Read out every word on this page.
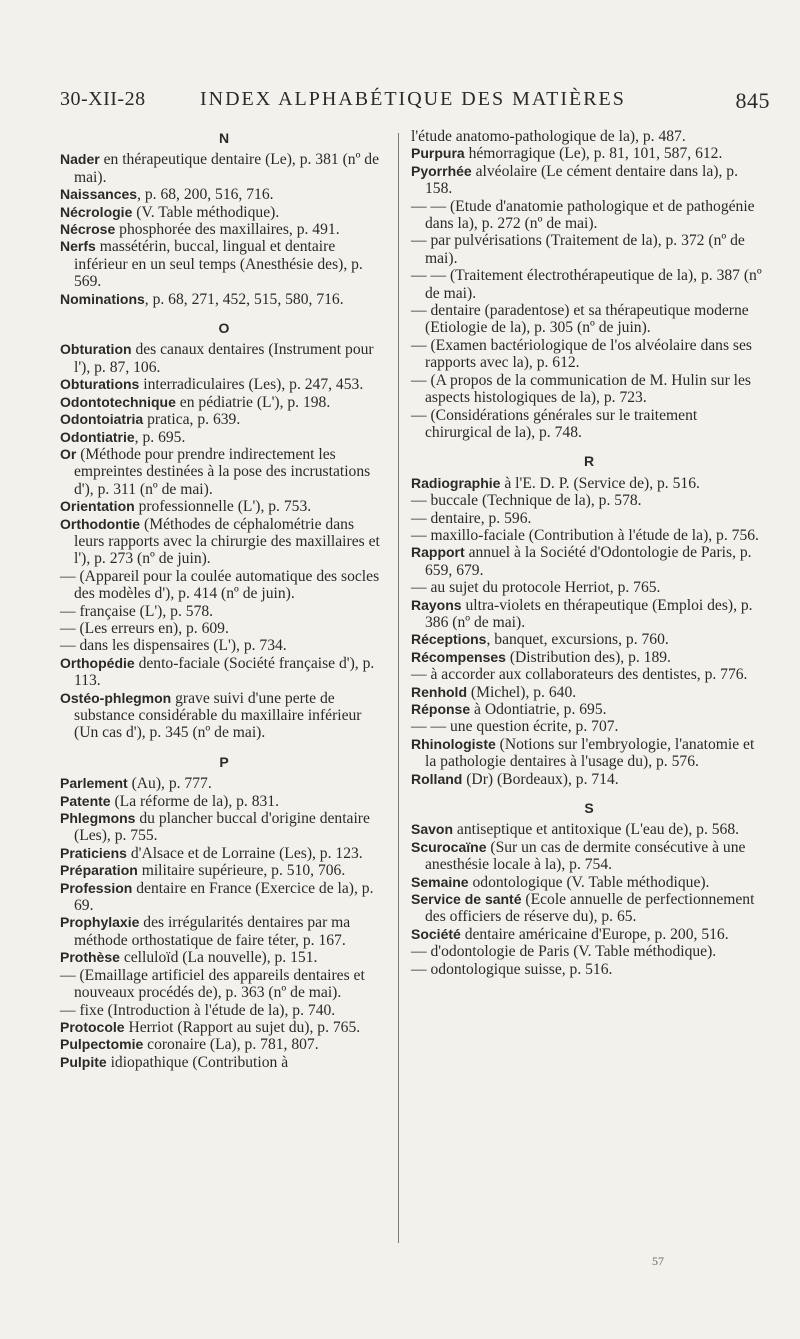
30-XII-28	INDEX ALPHABÉTIQUE DES MATIÈRES	845
N

Nader en thérapeutique dentaire (Le), p. 381 (nº de mai).

Naissances, p. 68, 200, 516, 716.

Nécrologie (V. Table méthodique).

Nécrose phosphorée des maxillaires, p. 491.

Nerfs massétérin, buccal, lingual et dentaire inférieur en un seul temps (Anesthésie des), p. 569.

Nominations, p. 68, 271, 452, 515, 580, 716.

O

Obturation des canaux dentaires (Instrument pour l'), p. 87, 106.

Obturations interradiculaires (Les), p. 247, 453.

Odontotechnique en pédiatrie (L'), p. 198.

Odontoiatria pratica, p. 639.

Odontiatrie, p. 695.

Or (Méthode pour prendre indirectement les empreintes destinées à la pose des incrustations d'), p. 311 (nº de mai).

Orientation professionnelle (L'), p. 753.

Orthodontie (Méthodes de céphalométrie dans leurs rapports avec la chirurgie des maxillaires et l'), p. 273 (nº de juin).

— (Appareil pour la coulée automatique des socles des modèles d'), p. 414 (nº de juin).

— française (L'), p. 578.

— (Les erreurs en), p. 609.

— dans les dispensaires (L'), p. 734.

Orthopédie dento-faciale (Société française d'), p. 113.

Ostéo-phlegmon grave suivi d'une perte de substance considérable du maxillaire inférieur (Un cas d'), p. 345 (nº de mai).

P

Parlement (Au), p. 777.

Patente (La réforme de la), p. 831.

Phlegmons du plancher buccal d'origine dentaire (Les), p. 755.

Praticiens d'Alsace et de Lorraine (Les), p. 123.

Préparation militaire supérieure, p. 510, 706.

Profession dentaire en France (Exercice de la), p. 69.

Prophylaxie des irrégularités dentaires par ma méthode orthostatique de faire téter, p. 167.

Prothèse celluloïd (La nouvelle), p. 151.

— (Emaillage artificiel des appareils dentaires et nouveaux procédés de), p. 363 (nº de mai).

— fixe (Introduction à l'étude de la), p. 740.

Protocole Herriot (Rapport au sujet du), p. 765.

Pulpectomie coronaire (La), p. 781, 807.

Pulpite idiopathique (Contribution à

l'étude anatomo-pathologique de la), p. 487.

Purpura hémorragique (Le), p. 81, 101, 587, 612.

Pyorrhée alvéolaire (Le cément dentaire dans la), p. 158.

— — (Etude d'anatomie pathologique et de pathogénie dans la), p. 272 (nº de mai).

— par pulvérisations (Traitement de la), p. 372 (nº de mai).

— — (Traitement électrothérapeutique de la), p. 387 (nº de mai).

— dentaire (paradentose) et sa thérapeutique moderne (Etiologie de la), p. 305 (nº de juin).

— (Examen bactériologique de l'os alvéolaire dans ses rapports avec la), p. 612.

— (A propos de la communication de M. Hulin sur les aspects histologiques de la), p. 723.

— (Considérations générales sur le traitement chirurgical de la), p. 748.

R

Radiographie à l'E. D. P. (Service de), p. 516.

— buccale (Technique de la), p. 578.

— dentaire, p. 596.

— maxillo-faciale (Contribution à l'étude de la), p. 756.

Rapport annuel à la Société d'Odontologie de Paris, p. 659, 679.

— au sujet du protocole Herriot, p. 765.

Rayons ultra-violets en thérapeutique (Emploi des), p. 386 (nº de mai).

Réceptions, banquet, excursions, p. 760.

Récompenses (Distribution des), p. 189.

— à accorder aux collaborateurs des dentistes, p. 776.

Renhold (Michel), p. 640.

Réponse à Odontiatrie, p. 695.

— — une question écrite, p. 707.

Rhinologiste (Notions sur l'embryologie, l'anatomie et la pathologie dentaires à l'usage du), p. 576.

Rolland (Dr) (Bordeaux), p. 714.

S

Savon antiseptique et antitoxique (L'eau de), p. 568.

Scurocaïne (Sur un cas de dermite consécutive à une anesthésie locale à la), p. 754.

Semaine odontologique (V. Table méthodique).

Service de santé (Ecole annuelle de perfectionnement des officiers de réserve du), p. 65.

Société dentaire américaine d'Europe, p. 200, 516.

— d'odontologie de Paris (V. Table méthodique).

— odontologique suisse, p. 516.

57
